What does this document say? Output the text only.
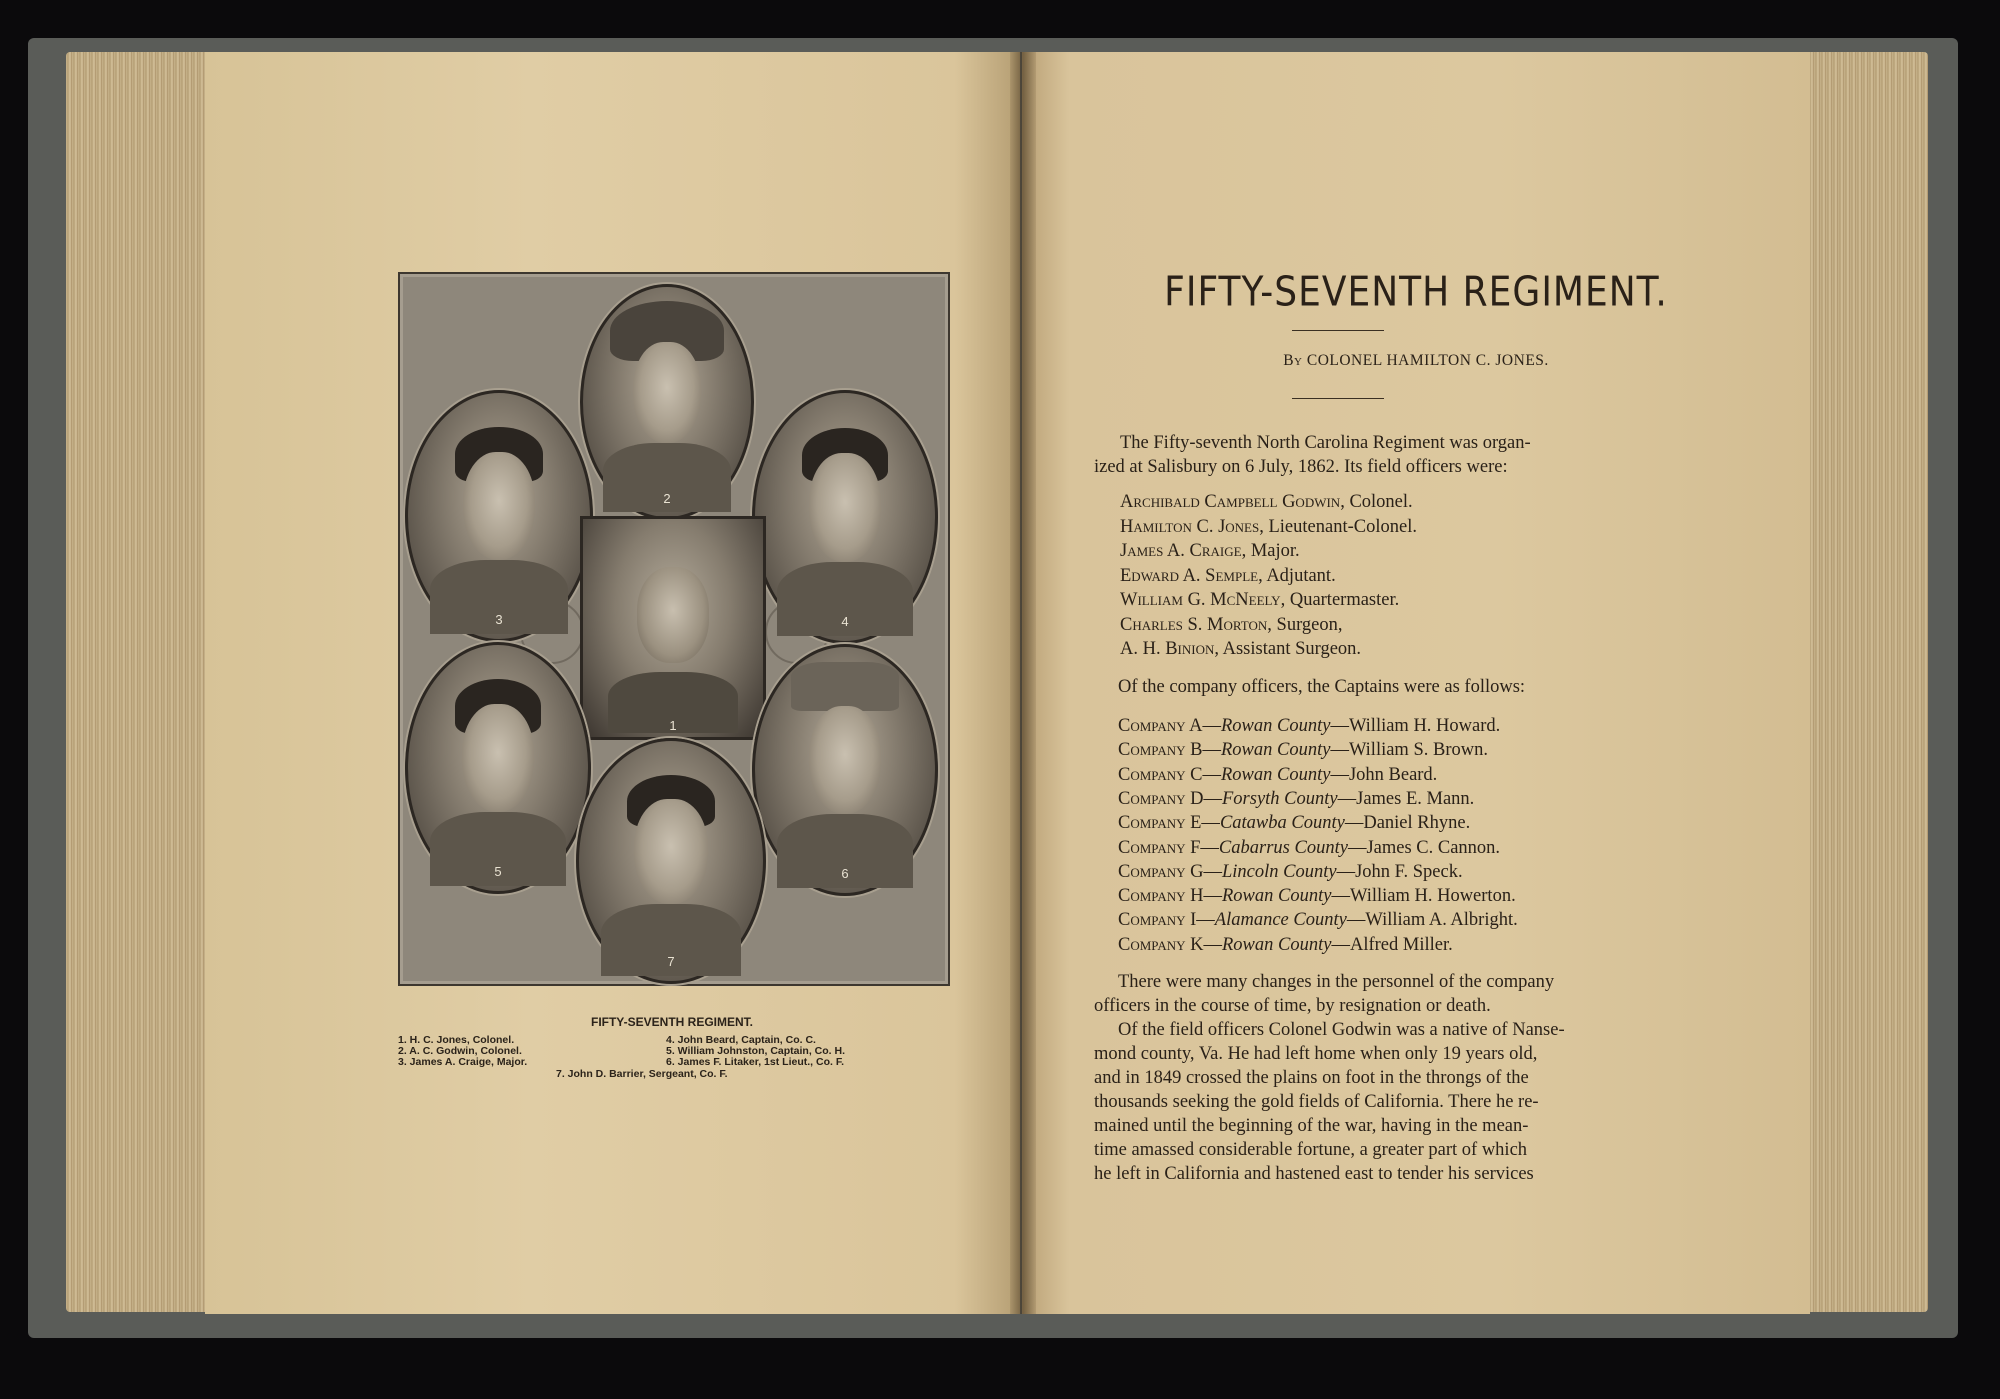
2
3	4
1
5	6
7
FIFTY-SEVENTH REGIMENT.
1. H. C. Jones, Colonel.
2. A. C. Godwin, Colonel.
3. James A. Craige, Major.
4. John Beard, Captain, Co. C.
5. William Johnston, Captain, Co. H.
6. James F. Litaker, 1st Lieut., Co. F.
7. John D. Barrier, Sergeant, Co. F.
FIFTY-SEVENTH REGIMENT.
By COLONEL HAMILTON C. JONES.
The Fifty-seventh North Carolina Regiment was organ-
ized at Salisbury on 6 July, 1862. Its field officers were:
Archibald Campbell Godwin, Colonel.
Hamilton C. Jones, Lieutenant-Colonel.
James A. Craige, Major.
Edward A. Semple, Adjutant.
William G. McNeely, Quartermaster.
Charles S. Morton, Surgeon,
A. H. Binion, Assistant Surgeon.
Of the company officers, the Captains were as follows:
Company A—Rowan County—William H. Howard.
Company B—Rowan County—William S. Brown.
Company C—Rowan County—John Beard.
Company D—Forsyth County—James E. Mann.
Company E—Catawba County—Daniel Rhyne.
Company F—Cabarrus County—James C. Cannon.
Company G—Lincoln County—John F. Speck.
Company H—Rowan County—William H. Howerton.
Company I—Alamance County—William A. Albright.
Company K—Rowan County—Alfred Miller.
There were many changes in the personnel of the company
officers in the course of time, by resignation or death.
Of the field officers Colonel Godwin was a native of Nanse-
mond county, Va. He had left home when only 19 years old,
and in 1849 crossed the plains on foot in the throngs of the
thousands seeking the gold fields of California. There he re-
mained until the beginning of the war, having in the mean-
time amassed considerable fortune, a greater part of which
he left in California and hastened east to tender his services
